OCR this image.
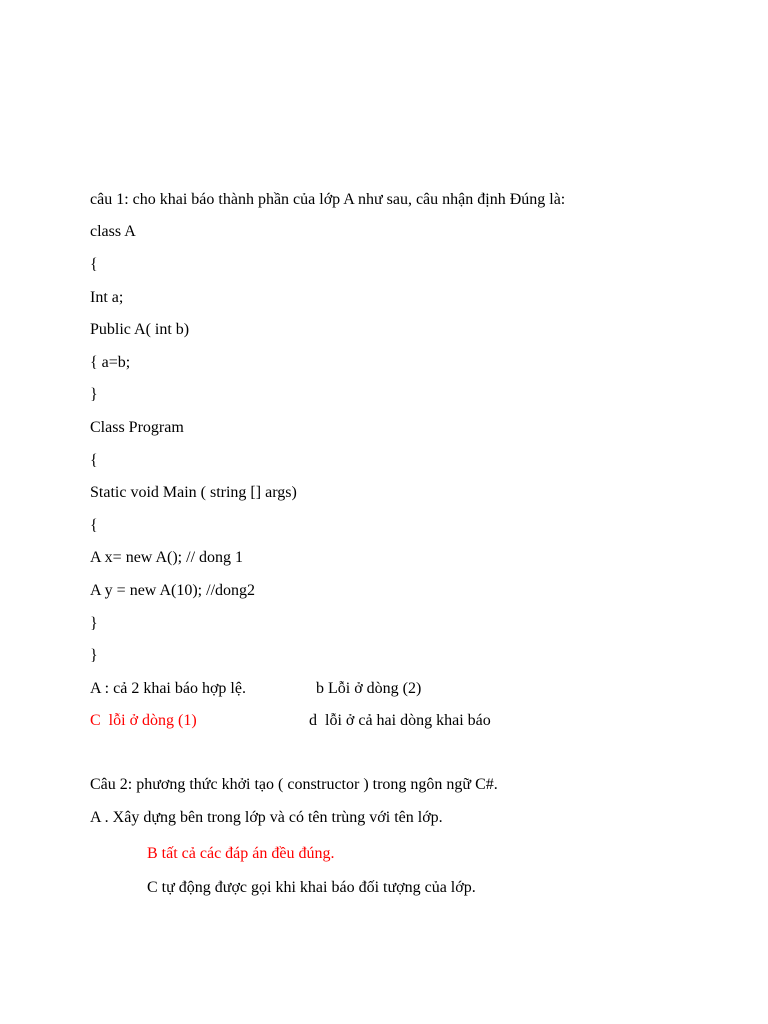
câu 1: cho khai báo thành phần của lớp A như sau, câu nhận định Đúng là:
class A
{
Int a;
Public A( int b)
{ a=b;
}
Class Program
{
Static void Main ( string [] args)
{
A x= new A(); // dong 1
A y = new A(10); //dong2
}
}
A : cả 2 khai báo hợp lệ.	b Lỗi ở dòng (2)
C  lỗi ở dòng (1)	d  lỗi ở cả hai dòng khai báo
Câu 2: phương thức khởi tạo ( constructor ) trong ngôn ngữ C#.
A . Xây dựng bên trong lớp và có tên trùng với tên lớp.
B tất cả các đáp án đều đúng.
C tự động được gọi khi khai báo đối tượng của lớp.
